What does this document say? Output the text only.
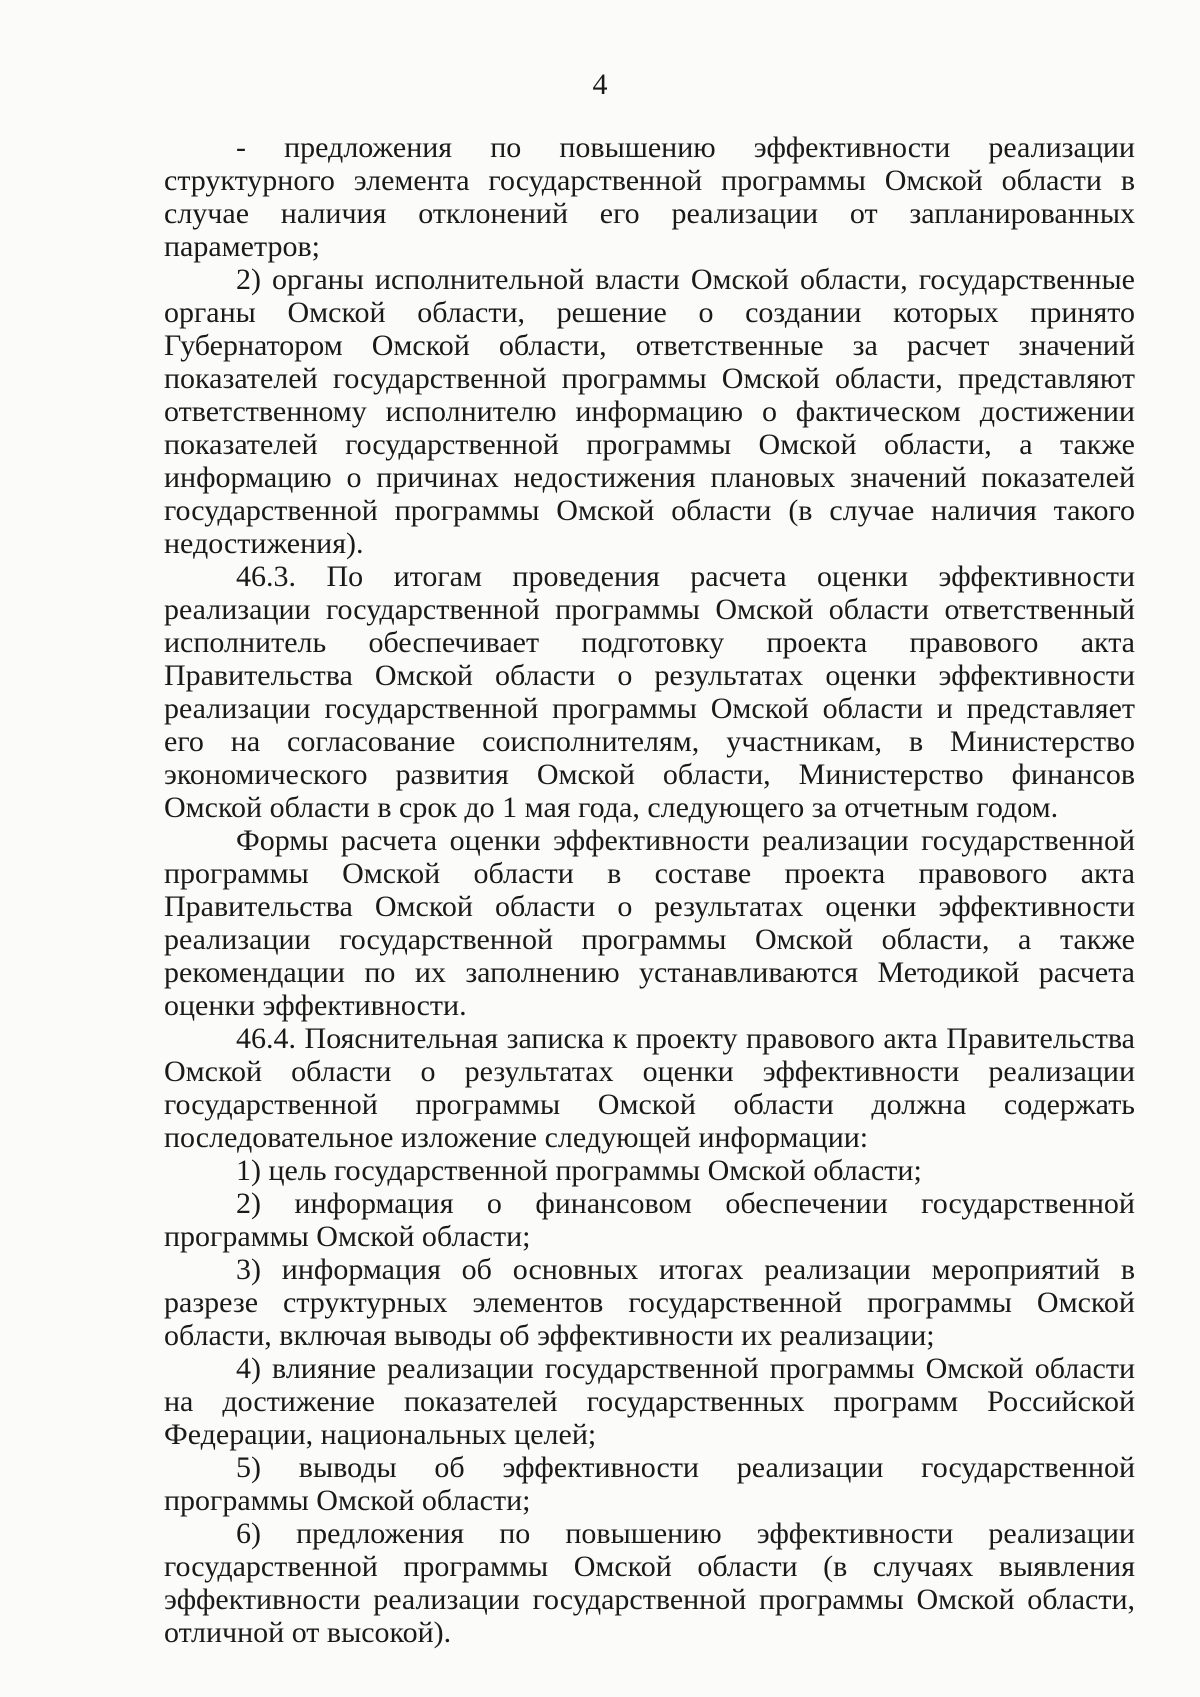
4

- предложения по повышению эффективности реализации структурного элемента государственной программы Омской области в случае наличия отклонений его реализации от запланированных параметров;

2) органы исполнительной власти Омской области, государственные органы Омской области, решение о создании которых принято Губернатором Омской области, ответственные за расчет значений показателей государственной программы Омской области, представляют ответственному исполнителю информацию о фактическом достижении показателей государственной программы Омской области, а также информацию о причинах недостижения плановых значений показателей государственной программы Омской области (в случае наличия такого недостижения).

46.3. По итогам проведения расчета оценки эффективности реализации государственной программы Омской области ответственный исполнитель обеспечивает подготовку проекта правового акта Правительства Омской области о результатах оценки эффективности реализации государственной программы Омской области и представляет его на согласование соисполнителям, участникам, в Министерство экономического развития Омской области, Министерство финансов Омской области в срок до 1 мая года, следующего за отчетным годом.

Формы расчета оценки эффективности реализации государственной программы Омской области в составе проекта правового акта Правительства Омской области о результатах оценки эффективности реализации государственной программы Омской области, а также рекомендации по их заполнению устанавливаются Методикой расчета оценки эффективности.

46.4. Пояснительная записка к проекту правового акта Правительства Омской области о результатах оценки эффективности реализации государственной программы Омской области должна содержать последовательное изложение следующей информации:

1) цель государственной программы Омской области;

2) информация о финансовом обеспечении государственной программы Омской области;

3) информация об основных итогах реализации мероприятий в разрезе структурных элементов государственной программы Омской области, включая выводы об эффективности их реализации;

4) влияние реализации государственной программы Омской области на достижение показателей государственных программ Российской Федерации, национальных целей;

5) выводы об эффективности реализации государственной программы Омской области;

6) предложения по повышению эффективности реализации государственной программы Омской области (в случаях выявления эффективности реализации государственной программы Омской области, отличной от высокой).
